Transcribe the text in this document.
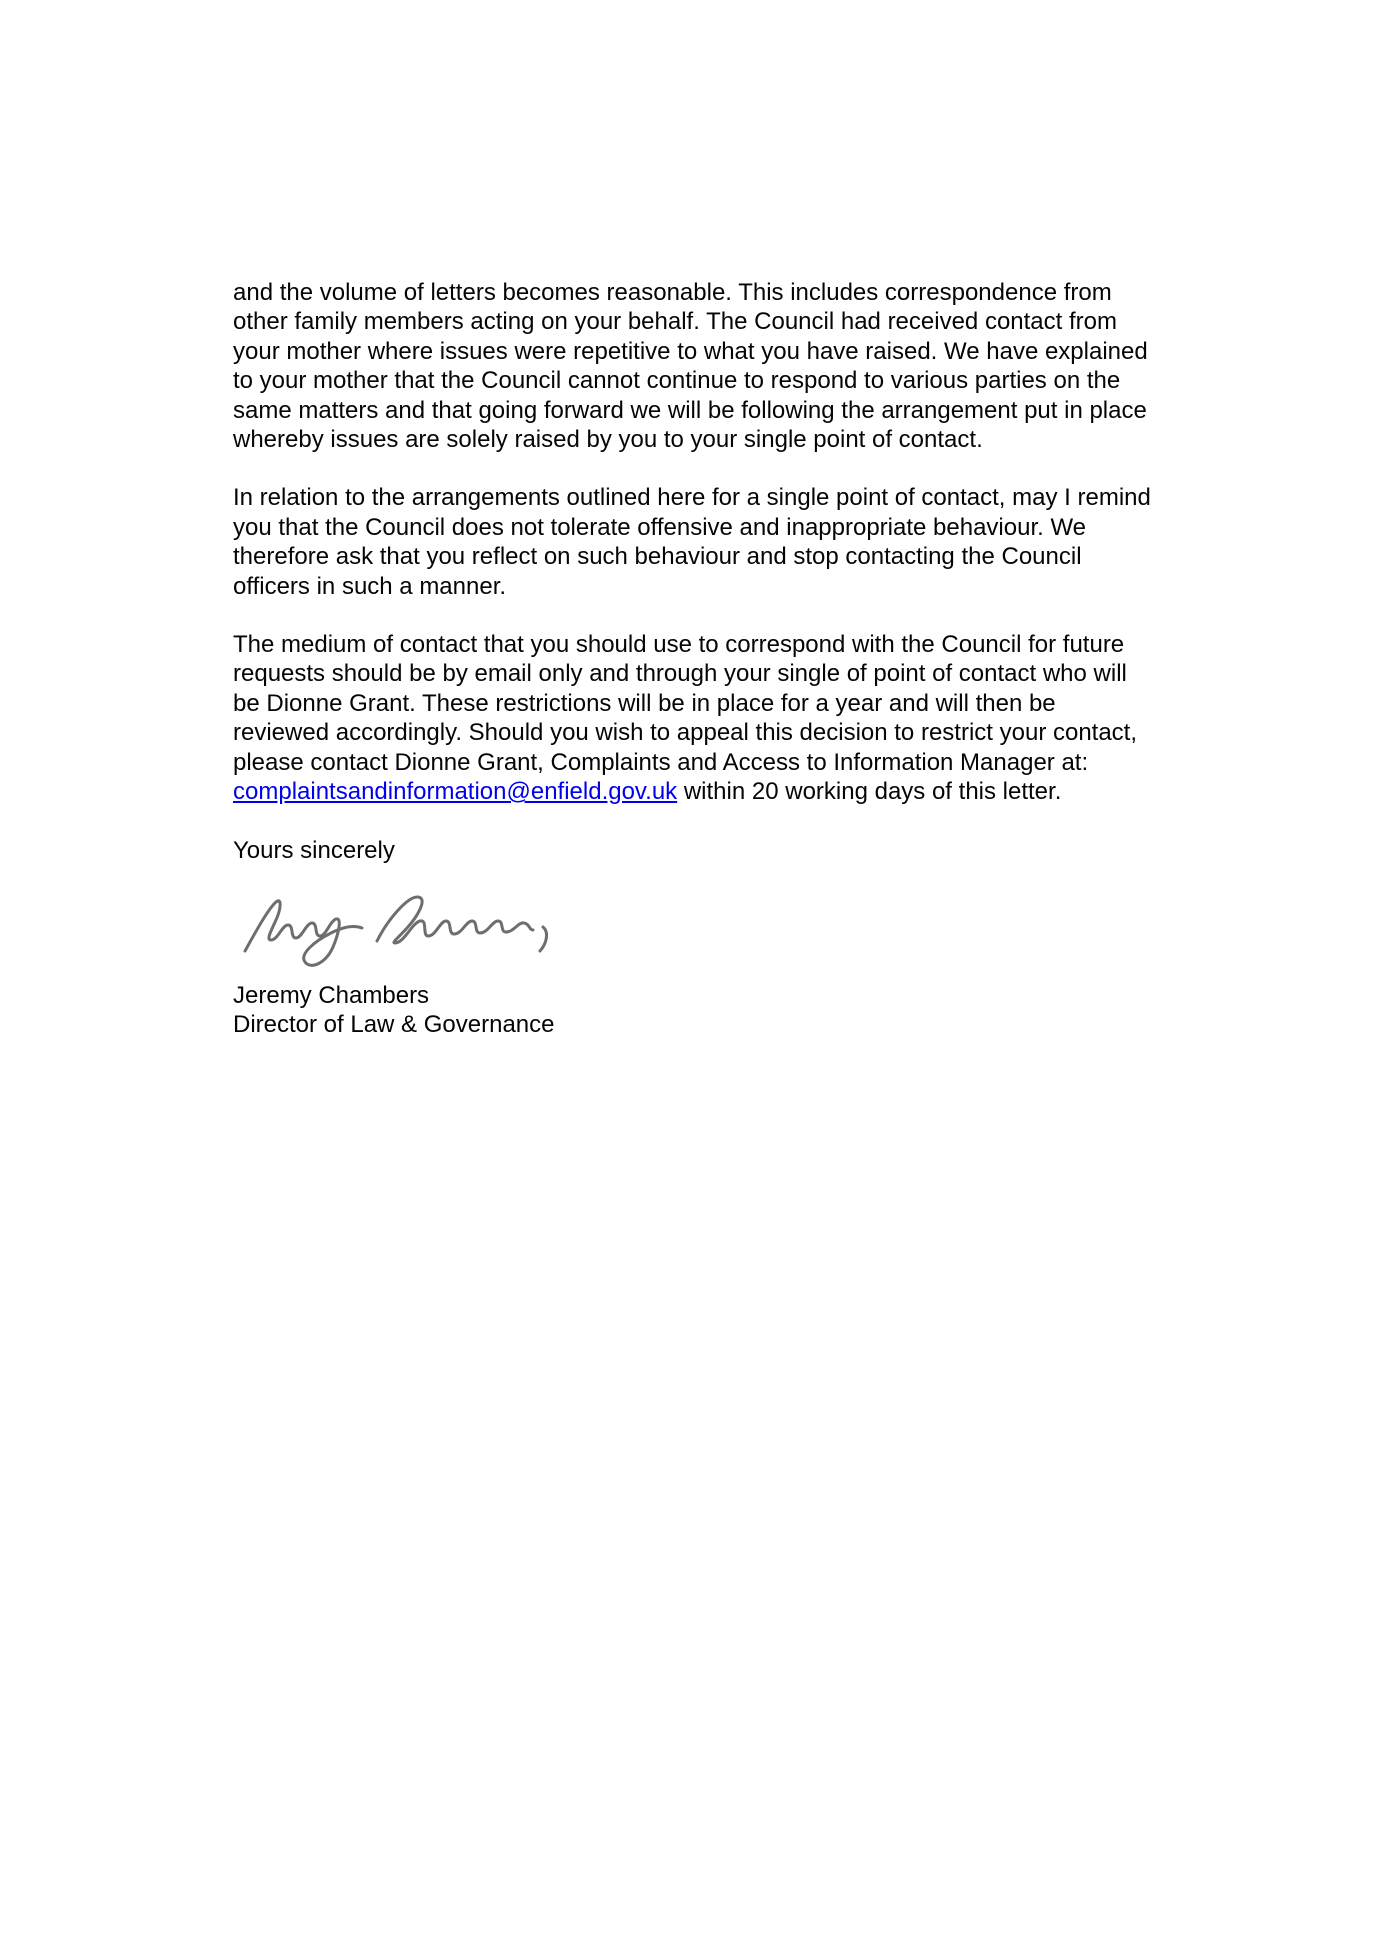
and the volume of letters becomes reasonable. This includes correspondence from
other family members acting on your behalf. The Council had received contact from
your mother where issues were repetitive to what you have raised. We have explained
to your mother that the Council cannot continue to respond to various parties on the
same matters and that going forward we will be following the arrangement put in place
whereby issues are solely raised by you to your single point of contact.
In relation to the arrangements outlined here for a single point of contact, may I remind
you that the Council does not tolerate offensive and inappropriate behaviour. We
therefore ask that you reflect on such behaviour and stop contacting the Council
officers in such a manner.
The medium of contact that you should use to correspond with the Council for future
requests should be by email only and through your single of point of contact who will
be Dionne Grant. These restrictions will be in place for a year and will then be
reviewed accordingly. Should you wish to appeal this decision to restrict your contact,
please contact Dionne Grant, Complaints and Access to Information Manager at:
complaintsandinformation@enfield.gov.uk within 20 working days of this letter.
Yours sincerely
Jeremy Chambers
Director of Law & Governance
